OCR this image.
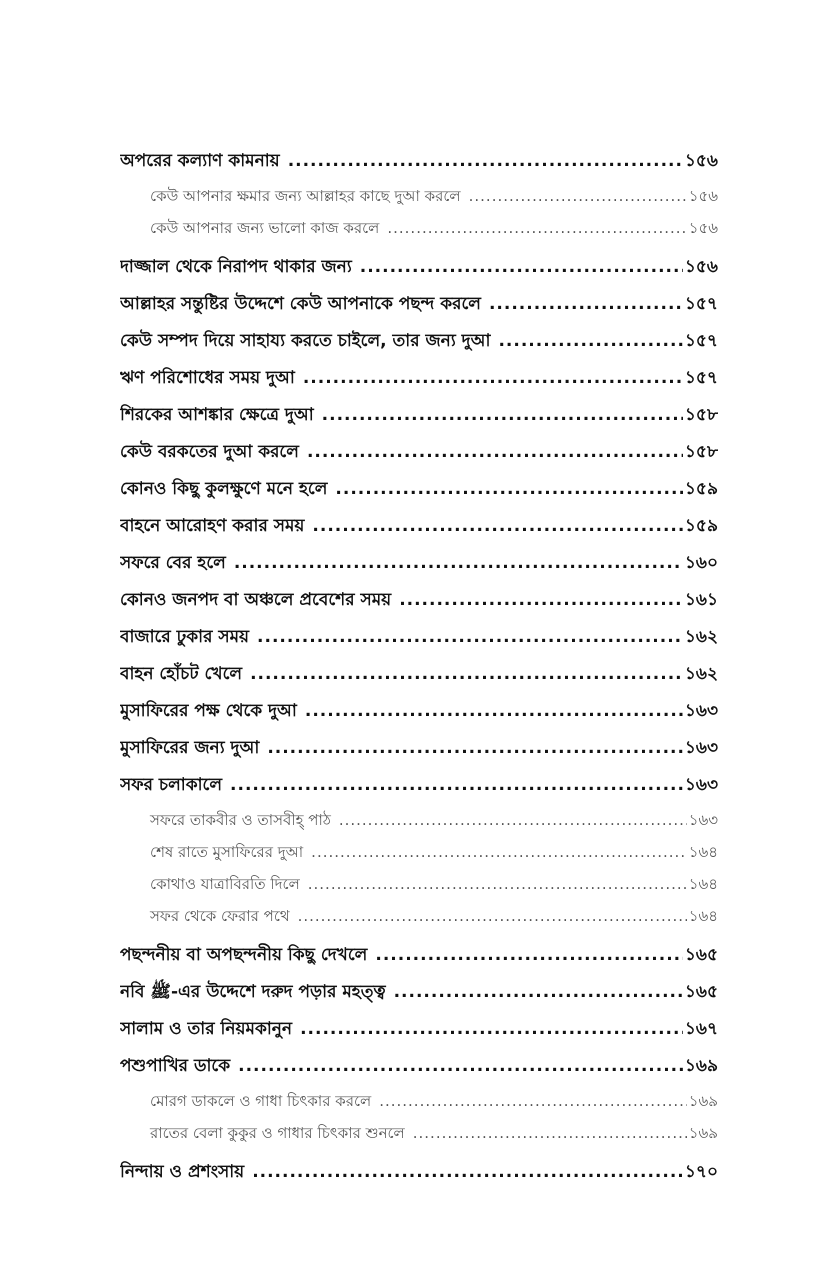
অপরের কল্যাণ কামনায় .....	১৫৬
কেউ আপনার ক্ষমার জন্য আল্লাহর কাছে দুআ করলে .....	১৫৬
কেউ আপনার জন্য ভালো কাজ করলে .....	১৫৬
দাজ্জাল থেকে নিরাপদ থাকার জন্য .....	১৫৬
আল্লাহর সন্তুষ্টির উদ্দেশে কেউ আপনাকে পছন্দ করলে .....	১৫৭
কেউ সম্পদ দিয়ে সাহায্য করতে চাইলে, তার জন্য দুআ .....	১৫৭
ঋণ পরিশোধের সময় দুআ .....	১৫৭
শিরকের আশঙ্কার ক্ষেত্রে দুআ .....	১৫৮
কেউ বরকতের দুআ করলে .....	১৫৮
কোনও কিছু কুলক্ষুণে মনে হলে .....	১৫৯
বাহনে আরোহণ করার সময় .....	১৫৯
সফরে বের হলে .....	১৬০
কোনও জনপদ বা অঞ্চলে প্রবেশের সময় .....	১৬১
বাজারে ঢুকার সময় .....	১৬২
বাহন হোঁচট খেলে .....	১৬২
মুসাফিরের পক্ষ থেকে দুআ .....	১৬৩
মুসাফিরের জন্য দুআ .....	১৬৩
সফর চলাকালে .....	১৬৩
সফরে তাকবীর ও তাসবীহ্ পাঠ .....	১৬৩
শেষ রাতে মুসাফিরের দুআ .....	১৬৪
কোথাও যাত্রাবিরতি দিলে .....	১৬৪
সফর থেকে ফেরার পথে .....	১৬৪
পছন্দনীয় বা অপছন্দনীয় কিছু দেখলে .....	১৬৫
নবি ﷺ-এর উদ্দেশে দরুদ পড়ার মহত্ত্ব .....	১৬৫
সালাম ও তার নিয়মকানুন .....	১৬৭
পশুপাখির ডাকে .....	১৬৯
মোরগ ডাকলে ও গাধা চিৎকার করলে .....	১৬৯
রাতের বেলা কুকুর ও গাধার চিৎকার শুনলে .....	১৬৯
নিন্দায় ও প্রশংসায় .....	১৭০
